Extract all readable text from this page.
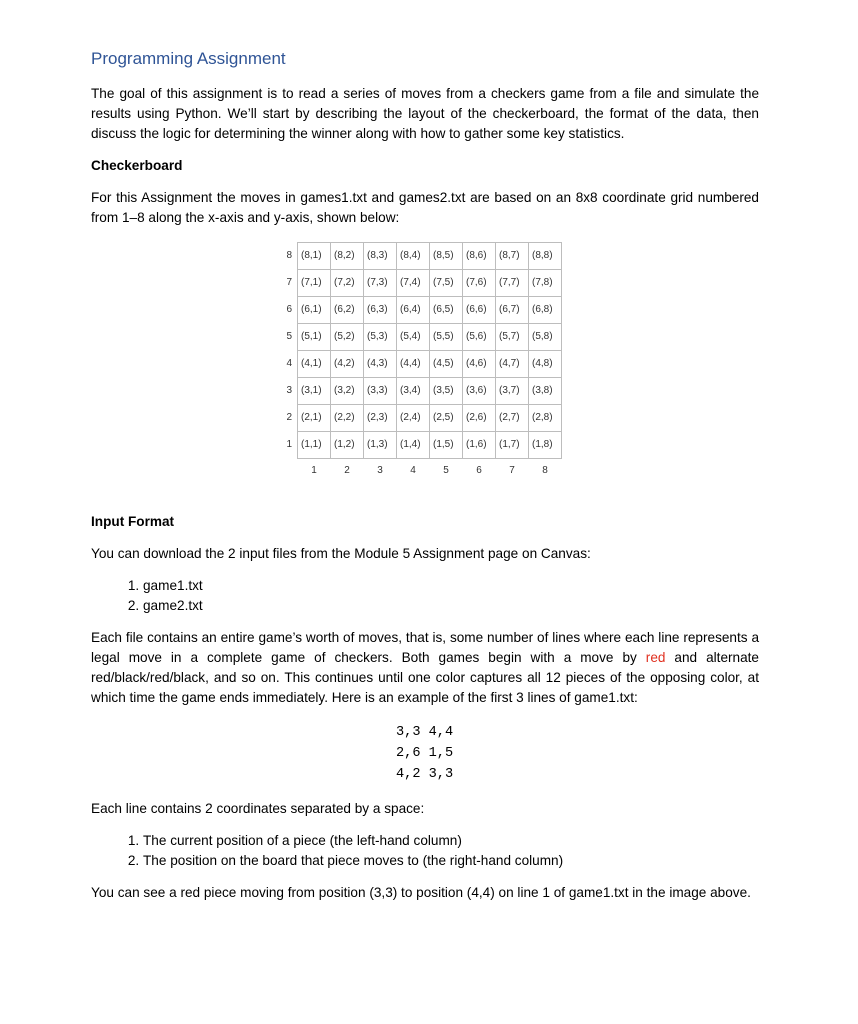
Programming Assignment

The goal of this assignment is to read a series of moves from a checkers game from a file and simulate the results using Python. We’ll start by describing the layout of the checkerboard, the format of the data, then discuss the logic for determining the winner along with how to gather some key statistics.

Checkerboard

For this Assignment the moves in games1.txt and games2.txt are based on an 8x8 coordinate grid numbered from 1–8 along the x-axis and y-axis, shown below:

8	(8,1)	(8,2)	(8,3)	(8,4)	(8,5)	(8,6)	(8,7)	(8,8)
7	(7,1)	(7,2)	(7,3)	(7,4)	(7,5)	(7,6)	(7,7)	(7,8)
6	(6,1)	(6,2)	(6,3)	(6,4)	(6,5)	(6,6)	(6,7)	(6,8)
5	(5,1)	(5,2)	(5,3)	(5,4)	(5,5)	(5,6)	(5,7)	(5,8)
4	(4,1)	(4,2)	(4,3)	(4,4)	(4,5)	(4,6)	(4,7)	(4,8)
3	(3,1)	(3,2)	(3,3)	(3,4)	(3,5)	(3,6)	(3,7)	(3,8)
2	(2,1)	(2,2)	(2,3)	(2,4)	(2,5)	(2,6)	(2,7)	(2,8)
1	(1,1)	(1,2)	(1,3)	(1,4)	(1,5)	(1,6)	(1,7)	(1,8)
	1	2	3	4	5	6	7	8

Input Format

You can download the 2 input files from the Module 5 Assignment page on Canvas:

1. game1.txt
2. game2.txt

Each file contains an entire game’s worth of moves, that is, some number of lines where each line represents a legal move in a complete game of checkers. Both games begin with a move by red and alternate red/black/red/black, and so on. This continues until one color captures all 12 pieces of the opposing color, at which time the game ends immediately. Here is an example of the first 3 lines of game1.txt:

3,3 4,4
2,6 1,5
4,2 3,3

Each line contains 2 coordinates separated by a space:

1. The current position of a piece (the left-hand column)
2. The position on the board that piece moves to (the right-hand column)

You can see a red piece moving from position (3,3) to position (4,4) on line 1 of game1.txt in the image above.
